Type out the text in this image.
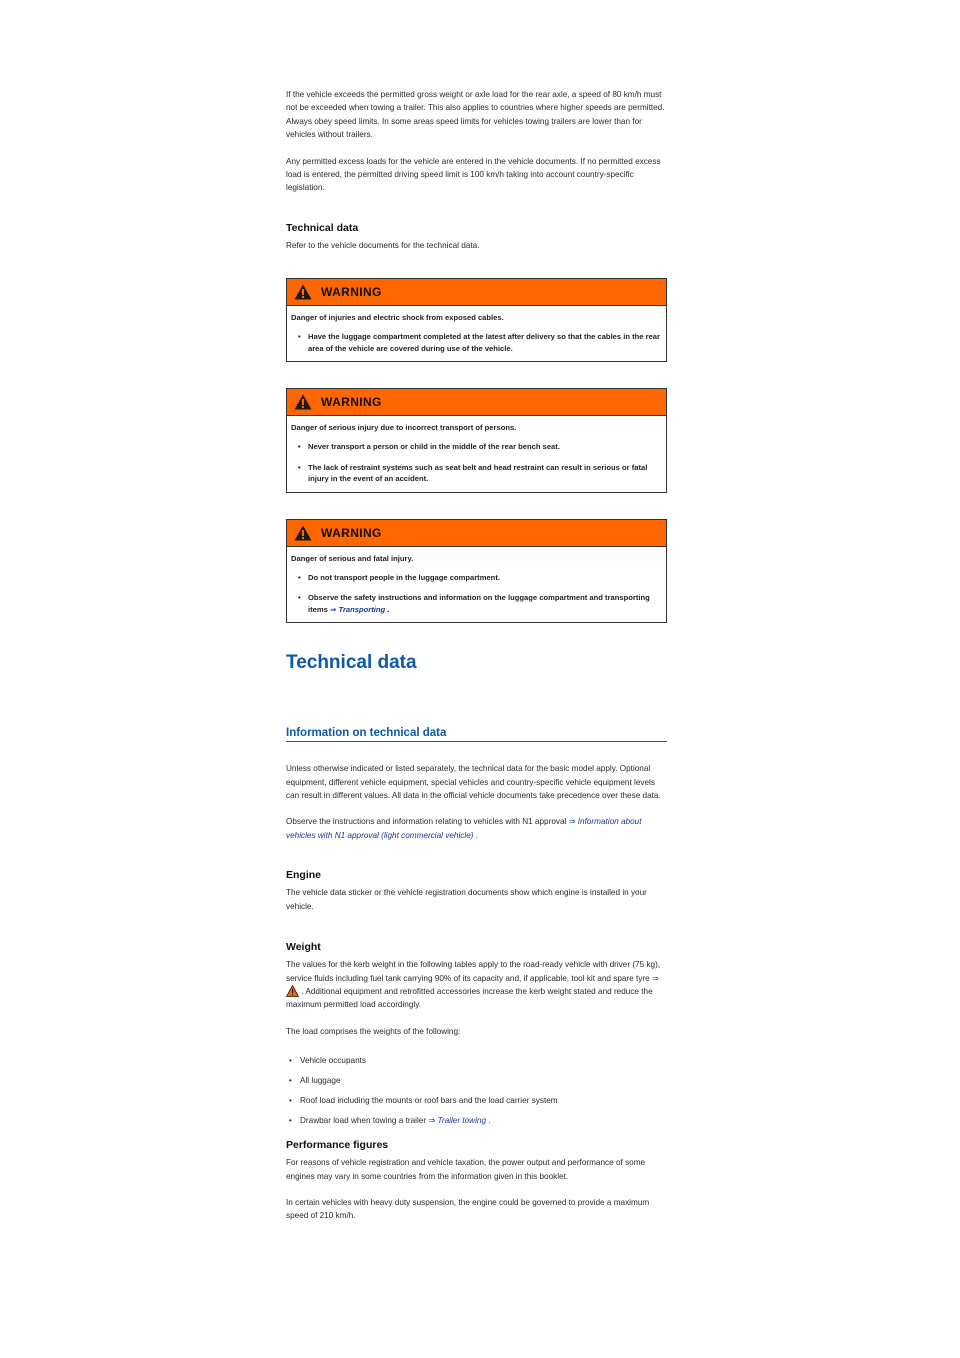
If the vehicle exceeds the permitted gross weight or axle load for the rear axle, a speed of 80 km/h must not be exceeded when towing a trailer. This also applies to countries where higher speeds are permitted. Always obey speed limits. In some areas speed limits for vehicles towing trailers are lower than for vehicles without trailers.

Any permitted excess loads for the vehicle are entered in the vehicle documents. If no permitted excess load is entered, the permitted driving speed limit is 100 km/h taking into account country-specific legislation.

Technical data

Refer to the vehicle documents for the technical data.

WARNING

Danger of injuries and electric shock from exposed cables.

• Have the luggage compartment completed at the latest after delivery so that the cables in the rear area of the vehicle are covered during use of the vehicle.
WARNING

Danger of serious injury due to incorrect transport of persons.

• Never transport a person or child in the middle of the rear bench seat.
• The lack of restraint systems such as seat belt and head restraint can result in serious or fatal injury in the event of an accident.
WARNING

Danger of serious and fatal injury.

• Do not transport people in the luggage compartment.
• Observe the safety instructions and information on the luggage compartment and transporting items ⇒ Transporting .
Technical data
Information on technical data

Unless otherwise indicated or listed separately, the technical data for the basic model apply. Optional equipment, different vehicle equipment, special vehicles and country-specific vehicle equipment levels can result in different values. All data in the official vehicle documents take precedence over these data.

Observe the instructions and information relating to vehicles with N1 approval ⇒ Information about vehicles with N1 approval (light commercial vehicle) .

Engine

The vehicle data sticker or the vehicle registration documents show which engine is installed in your vehicle.

Weight

The values for the kerb weight in the following tables apply to the road-ready vehicle with driver (75 kg), service fluids including fuel tank carrying 90% of its capacity and, if applicable, tool kit and spare tyre ⇒ . Additional equipment and retrofitted accessories increase the kerb weight stated and reduce the maximum permitted load accordingly.

The load comprises the weights of the following:

• Vehicle occupants
• All luggage
• Roof load including the mounts or roof bars and the load carrier system
• Drawbar load when towing a trailer ⇒ Trailer towing .
Performance figures

For reasons of vehicle registration and vehicle taxation, the power output and performance of some engines may vary in some countries from the information given in this booklet.

In certain vehicles with heavy duty suspension, the engine could be governed to provide a maximum speed of 210 km/h.
